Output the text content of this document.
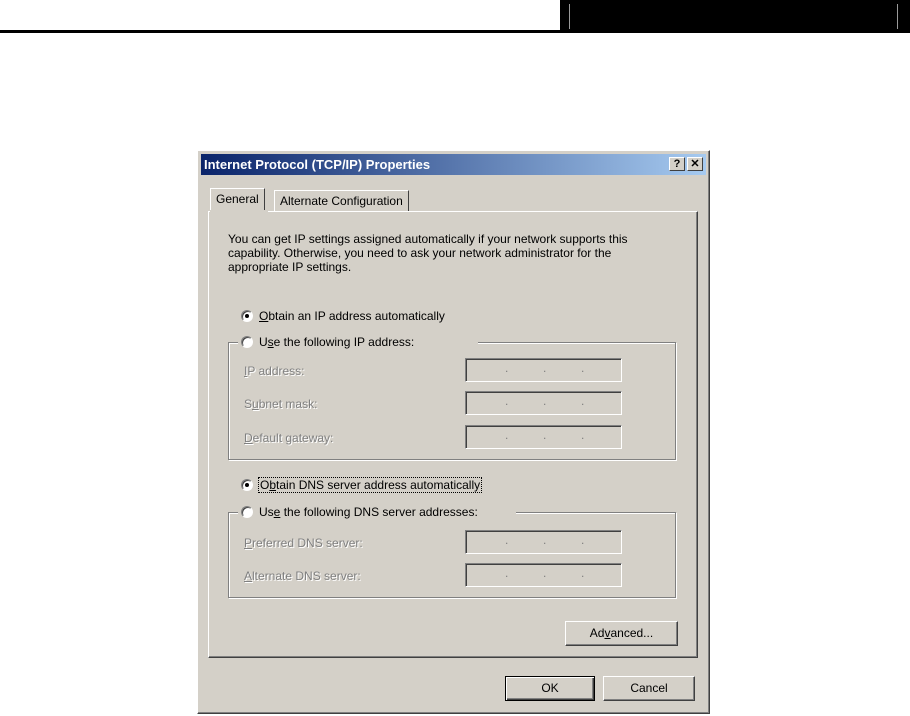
Internet Protocol (TCP/IP) Properties	? ✕
General	Alternate Configuration
You can get IP settings assigned automatically if your network supports this capability. Otherwise, you need to ask your network administrator for the appropriate IP settings.
Obtain an IP address automatically
Use the following IP address:
IP address:
.
.
.
Subnet mask:
.
.
.
Default gateway:
.
.
.
Obtain DNS server address automatically
Use the following DNS server addresses:
Preferred DNS server:
.
.
.
Alternate DNS server:
.
.
.
Advanced...
OK	Cancel
